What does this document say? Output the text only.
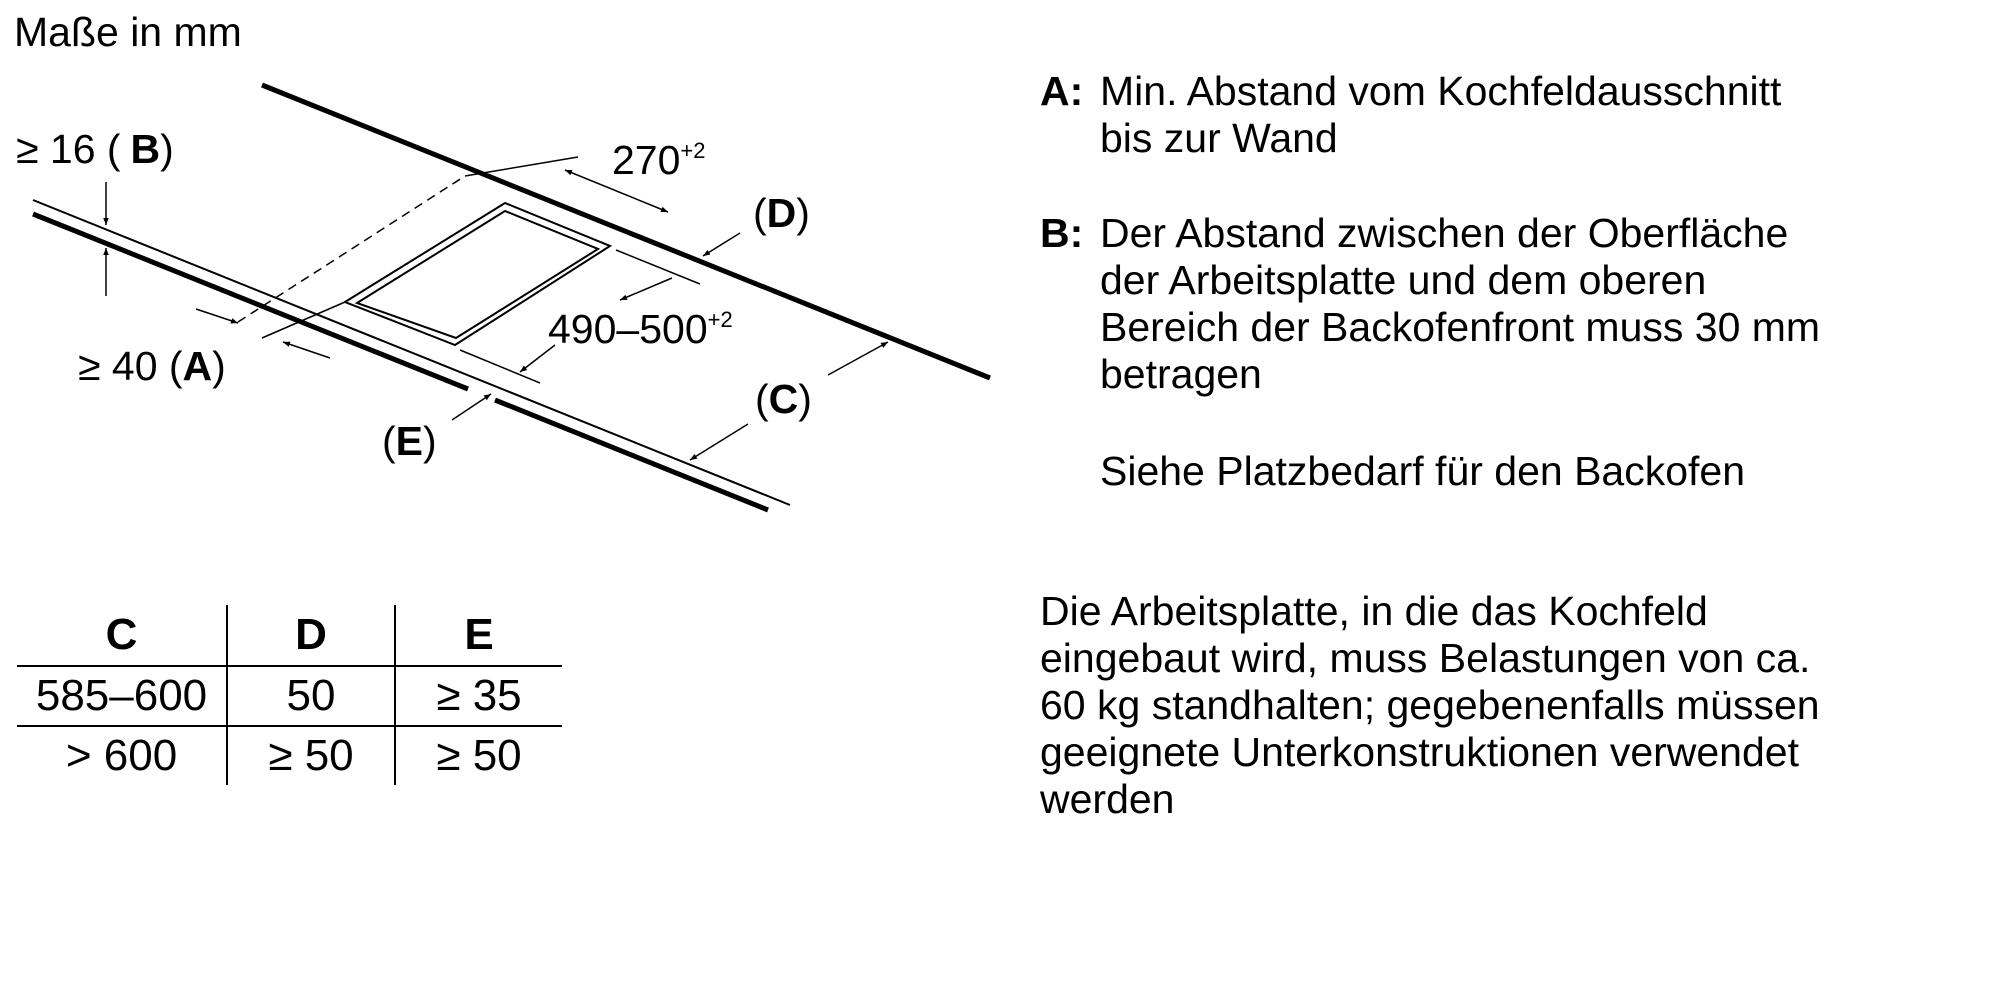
Maße in mm
≥ 16 ( B)
≥ 40 (A)
(D)
(C)
(E)
$270^{+2}$
$490-500^{+2}$
A: Min. Abstand vom Kochfeldausschnitt
bis zur Wand
B: Der Abstand zwischen der Oberfläche
der Arbeitsplatte und dem oberen
Bereich der Backofenfront muss 30 mm
betragen
Siehe Platzbedarf für den Backofen
Die Arbeitsplatte, in die das Kochfeld
eingebaut wird, muss Belastungen von ca.
60 kg standhalten; gegebenenfalls müssen
geeignete Unterkonstruktionen verwendet
werden
C	D	E
585–600	50	≥ 35
> 600	≥ 50	≥ 50
